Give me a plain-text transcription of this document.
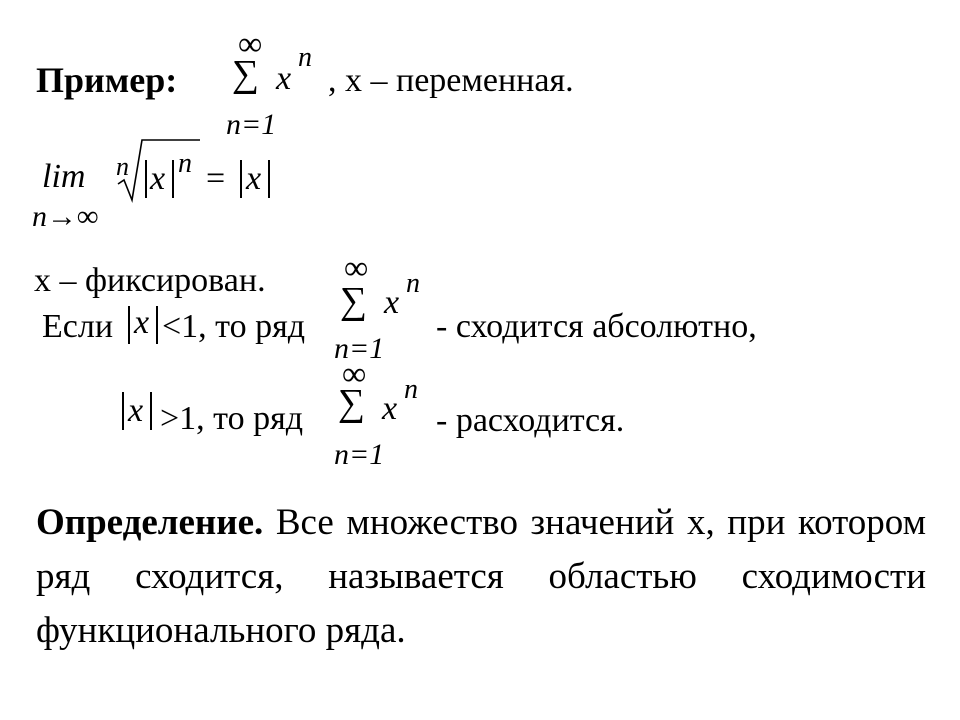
Пример:
∞
∑ x
n
n=1
, x – переменная.
lim
n→∞
n x n = x
x – фиксирован.
Если x <1, то ряд
∞
∑ x
n
n=1
- сходится абсолютно,
x >1, то ряд
∞
∑ x
n
n=1
- расходится.
Определение. Все множество значений x, при котором ряд сходится, называется областью сходимости функционального ряда.
